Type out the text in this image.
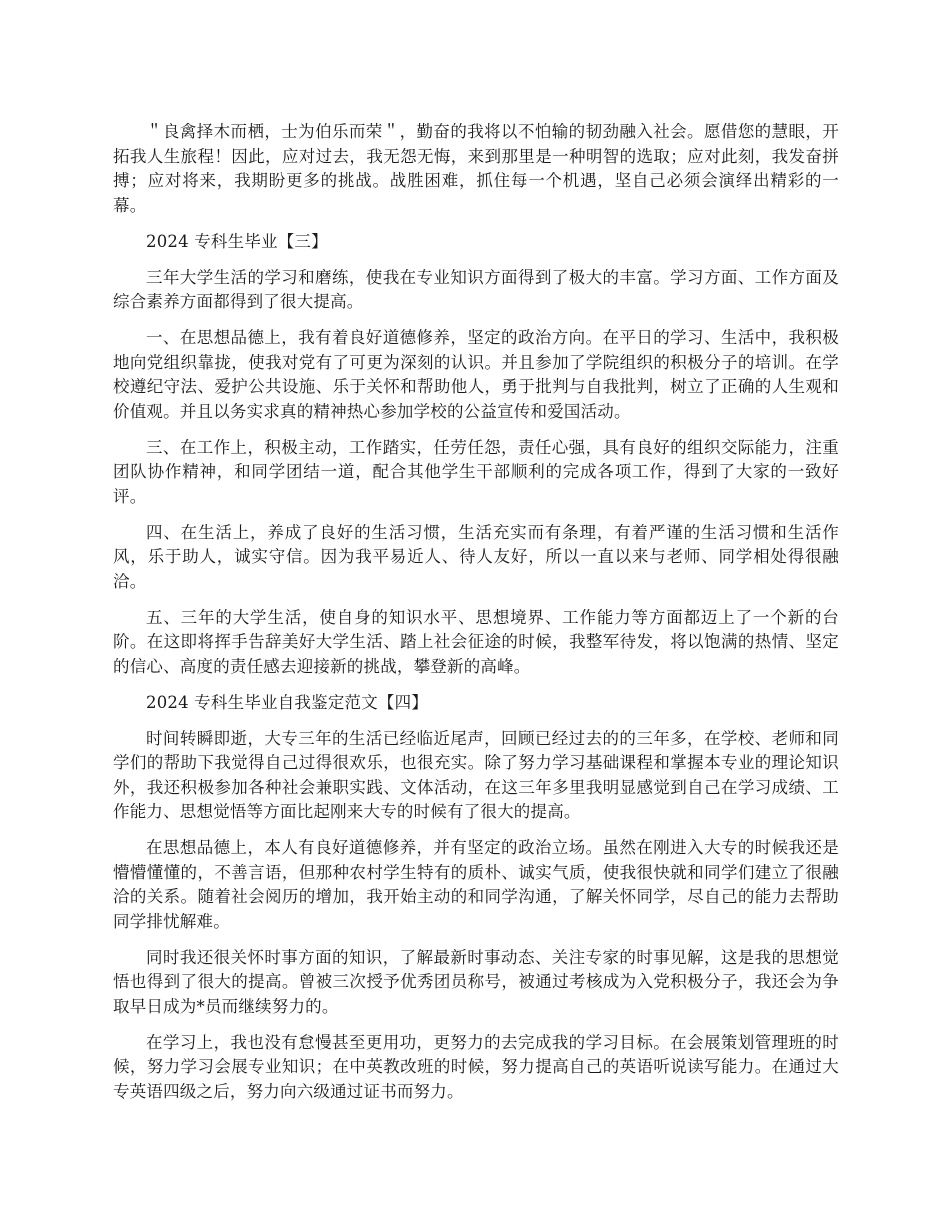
＂良禽择木而栖，士为伯乐而荣＂，勤奋的我将以不怕输的韧劲融入社会。愿借您的慧眼，开拓我人生旅程！因此，应对过去，我无怨无悔，来到那里是一种明智的选取；应对此刻，我发奋拼搏；应对将来，我期盼更多的挑战。战胜困难，抓住每一个机遇，坚自己必须会演绎出精彩的一幕。

2024 专科生毕业【三】

三年大学生活的学习和磨练，使我在专业知识方面得到了极大的丰富。学习方面、工作方面及综合素养方面都得到了很大提高。

一、在思想品德上，我有着良好道德修养，坚定的政治方向。在平日的学习、生活中，我积极地向党组织靠拢，使我对党有了可更为深刻的认识。并且参加了学院组织的积极分子的培训。在学校遵纪守法、爱护公共设施、乐于关怀和帮助他人，勇于批判与自我批判，树立了正确的人生观和价值观。并且以务实求真的精神热心参加学校的公益宣传和爱国活动。

三、在工作上，积极主动，工作踏实，任劳任怨，责任心强，具有良好的组织交际能力，注重团队协作精神，和同学团结一道，配合其他学生干部顺利的完成各项工作，得到了大家的一致好评。

四、在生活上，养成了良好的生活习惯，生活充实而有条理，有着严谨的生活习惯和生活作风，乐于助人，诚实守信。因为我平易近人、待人友好，所以一直以来与老师、同学相处得很融洽。

五、三年的大学生活，使自身的知识水平、思想境界、工作能力等方面都迈上了一个新的台阶。在这即将挥手告辞美好大学生活、踏上社会征途的时候，我整军待发，将以饱满的热情、坚定的信心、高度的责任感去迎接新的挑战，攀登新的高峰。

2024 专科生毕业自我鉴定范文【四】

时间转瞬即逝，大专三年的生活已经临近尾声，回顾已经过去的的三年多，在学校、老师和同学们的帮助下我觉得自己过得很欢乐，也很充实。除了努力学习基础课程和掌握本专业的理论知识外，我还积极参加各种社会兼职实践、文体活动，在这三年多里我明显感觉到自己在学习成绩、工作能力、思想觉悟等方面比起刚来大专的时候有了很大的提高。

在思想品德上，本人有良好道德修养，并有坚定的政治立场。虽然在刚进入大专的时候我还是懵懵懂懂的，不善言语，但那种农村学生特有的质朴、诚实气质，使我很快就和同学们建立了很融洽的关系。随着社会阅历的增加，我开始主动的和同学沟通，了解关怀同学，尽自己的能力去帮助同学排忧解难。

同时我还很关怀时事方面的知识，了解最新时事动态、关注专家的时事见解，这是我的思想觉悟也得到了很大的提高。曾被三次授予优秀团员称号，被通过考核成为入党积极分子，我还会为争取早日成为*员而继续努力的。

在学习上，我也没有怠慢甚至更用功，更努力的去完成我的学习目标。在会展策划管理班的时候，努力学习会展专业知识；在中英教改班的时候，努力提高自己的英语听说读写能力。在通过大专英语四级之后，努力向六级通过证书而努力。
